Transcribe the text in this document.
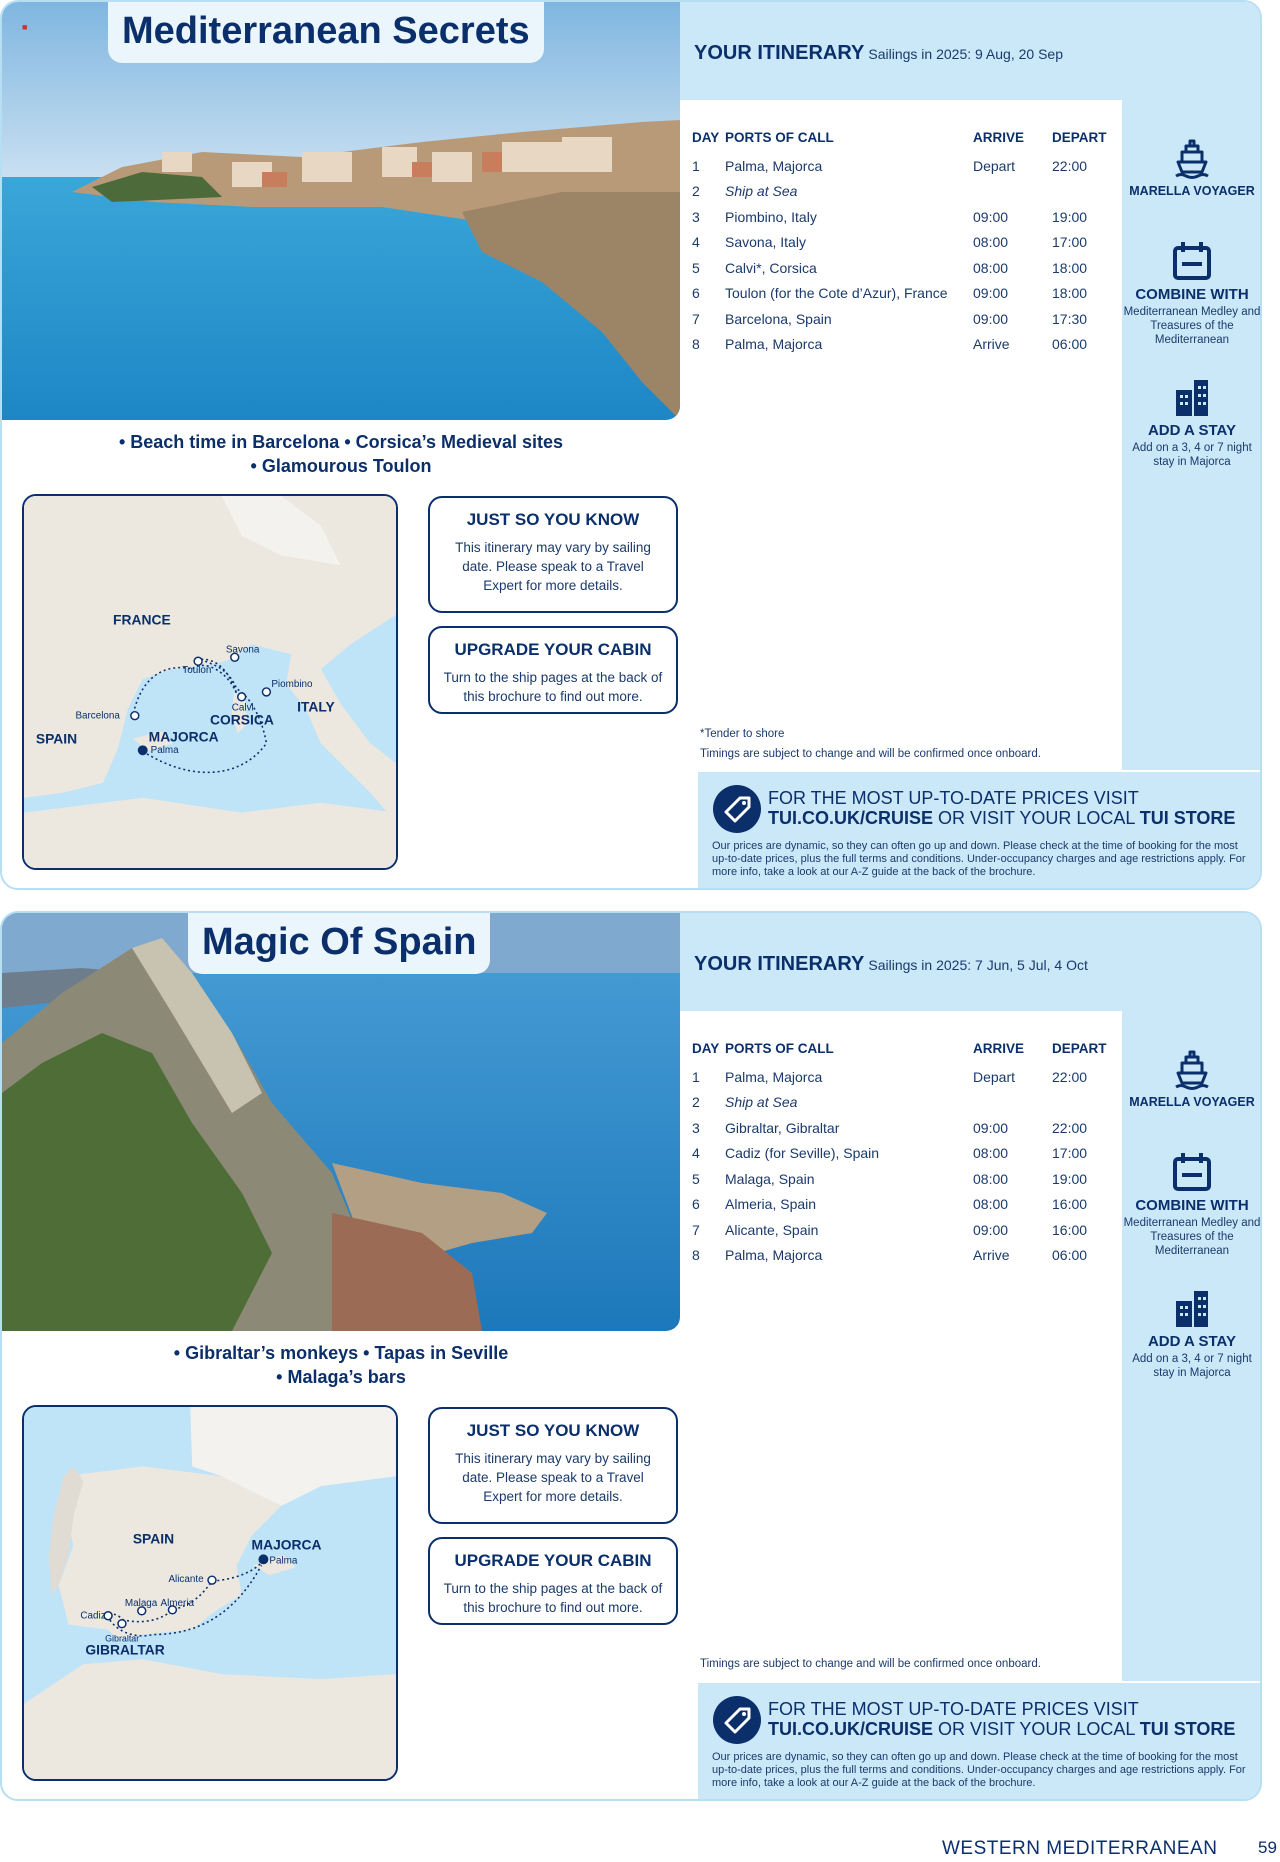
■	Mediterranean Secrets
• Beach time in Barcelona • Corsica’s Medieval sites
• Glamourous Toulon
FRANCE
SPAIN
ITALY
CORSICA
MAJORCA
Palma
Barcelona
Toulon
Savona
Piombino
Calvi
JUST SO YOU KNOW

This itinerary may vary by sailing date. Please speak to a Travel Expert for more details.

UPGRADE YOUR CABIN

Turn to the ship pages at the back of this brochure to find out more.

YOUR ITINERARY Sailings in 2025: 9 Aug, 20 Sep
DAY	PORTS OF CALL	ARRIVE	DEPART
1	Palma, Majorca	Depart	22:00
2	Ship at Sea		
3	Piombino, Italy	09:00	19:00
4	Savona, Italy	08:00	17:00
5	Calvi*, Corsica	08:00	18:00
6	Toulon (for the Cote d’Azur), France	09:00	18:00
7	Barcelona, Spain	09:00	17:30
8	Palma, Majorca	Arrive	06:00
MARELLA VOYAGER
COMBINE WITH
Mediterranean Medley and Treasures of the Mediterranean
ADD A STAY
Add on a 3, 4 or 7 night stay in Majorca
*Tender to shore
Timings are subject to change and will be confirmed once onboard.
FOR THE MOST UP-TO-DATE PRICES VISIT
TUI.CO.UK/CRUISE OR VISIT YOUR LOCAL TUI STORE
Our prices are dynamic, so they can often go up and down. Please check at the time of booking for the most up-to-date prices, plus the full terms and conditions. Under-occupancy charges and age restrictions apply. For more info, take a look at our A-Z guide at the back of the brochure.
Magic Of Spain
• Gibraltar’s monkeys • Tapas in Seville
• Malaga’s bars
SPAIN	MAJORCA
Palma
Alicante
Almeria
Malaga
Cadiz
Gibraltar
GIBRALTAR
JUST SO YOU KNOW

This itinerary may vary by sailing date. Please speak to a Travel Expert for more details.

UPGRADE YOUR CABIN

Turn to the ship pages at the back of this brochure to find out more.

YOUR ITINERARY Sailings in 2025: 7 Jun, 5 Jul, 4 Oct
DAY	PORTS OF CALL	ARRIVE	DEPART
1	Palma, Majorca	Depart	22:00
2	Ship at Sea		
3	Gibraltar, Gibraltar	09:00	22:00
4	Cadiz (for Seville), Spain	08:00	17:00
5	Malaga, Spain	08:00	19:00
6	Almeria, Spain	08:00	16:00
7	Alicante, Spain	09:00	16:00
8	Palma, Majorca	Arrive	06:00
MARELLA VOYAGER
COMBINE WITH
Mediterranean Medley and Treasures of the Mediterranean
ADD A STAY
Add on a 3, 4 or 7 night stay in Majorca
Timings are subject to change and will be confirmed once onboard.
FOR THE MOST UP-TO-DATE PRICES VISIT
TUI.CO.UK/CRUISE OR VISIT YOUR LOCAL TUI STORE
Our prices are dynamic, so they can often go up and down. Please check at the time of booking for the most up-to-date prices, plus the full terms and conditions. Under-occupancy charges and age restrictions apply. For more info, take a look at our A-Z guide at the back of the brochure.
WESTERN MEDITERRANEAN 59
